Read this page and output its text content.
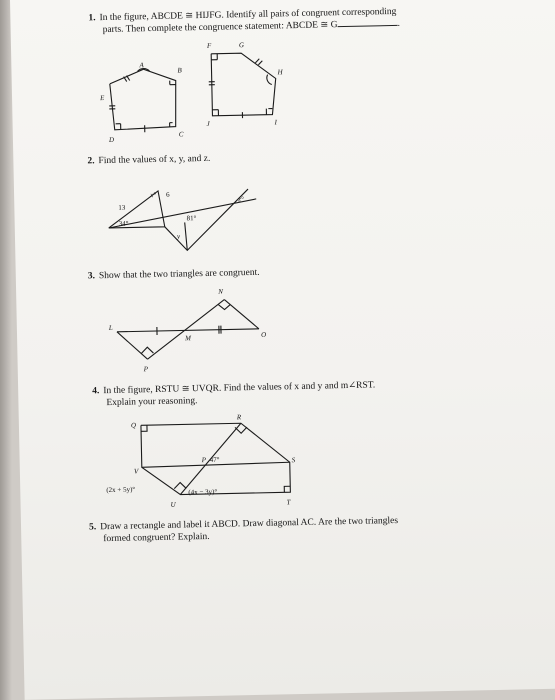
1. In the figure, ABCDE ≅ HIJFG. Identify all pairs of congruent corresponding
parts. Then complete the congruence statement: ABCDE ≅ G	.
E
A
B
C
D
F	G
H
I
J
2. Find the values of x, y, and z.
13
6
34°
x°
81°
y
z°
3. Show that the two triangles are congruent.
N
L
M	O
P
4. In the figure, RSTU ≅ UVQR. Find the values of x and y and m∠RST.
Explain your reasoning.
Q
R
V
P 47°	S
(2x + 5y)°
U
(4x − 3y)°
T
5. Draw a rectangle and label it ABCD. Draw diagonal AC. Are the two triangles
formed congruent? Explain.
